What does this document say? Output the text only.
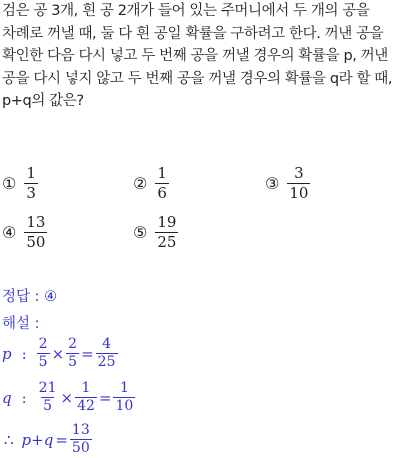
검은 공 3개, 흰 공 2개가 들어 있는 주머니에서 두 개의 공을 차례로 꺼낼 때, 둘 다 흰 공일 확률을 구하려고 한다. 꺼낸 공을 확인한 다음 다시 넣고 두 번째 공을 꺼낼 경우의 확률을 p, 꺼낸 공을 다시 넣지 않고 두 번째 공을 꺼낼 경우의 확률을 q라 할 때, p+q의 값은?
① $\frac{1}{3}$	② $\frac{1}{6}$	③ $\frac{3}{10}$
④ $\frac{13}{50}$	⑤ $\frac{19}{25}$
정답 : ④
해설 :
p : $\frac{2}{5} \times \frac{2}{5} = \frac{4}{25}$
q : $\frac{21}{5} \times \frac{1}{42} = \frac{1}{10}$
∴ $p+q = \frac{13}{50}$
